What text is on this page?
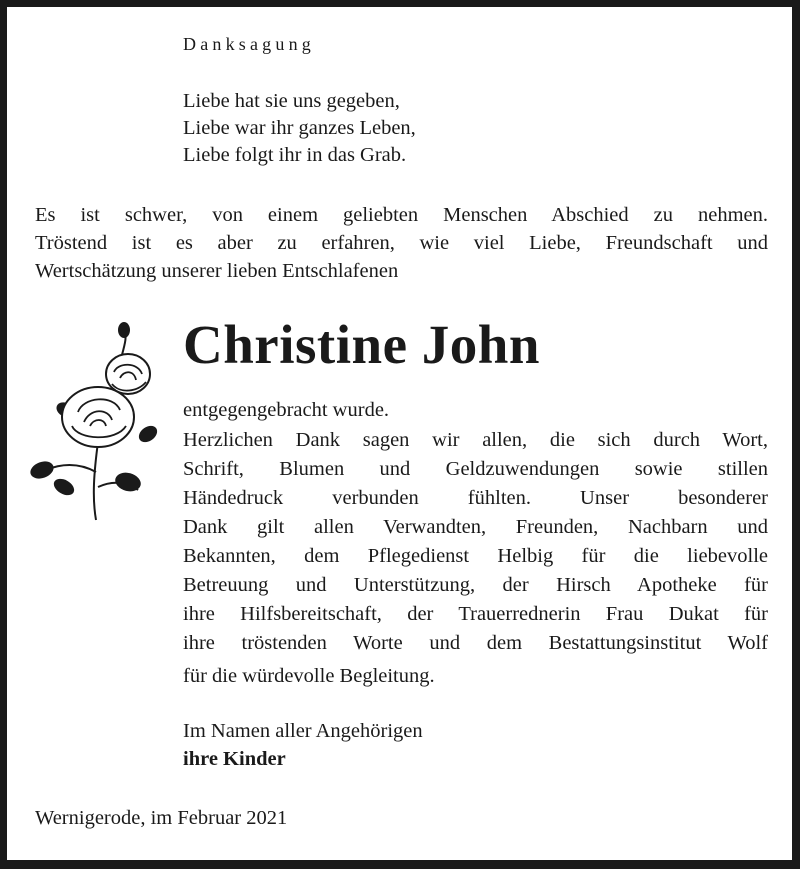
Danksagung
Liebe hat sie uns gegeben,
Liebe war ihr ganzes Leben,
Liebe folgt ihr in das Grab.
Es ist schwer, von einem geliebten Menschen Abschied zu nehmen.
Tröstend ist es aber zu erfahren, wie viel Liebe, Freundschaft und
Wertschätzung unserer lieben Entschlafenen
Christine John
entgegengebracht wurde.
Herzlichen Dank sagen wir allen, die sich durch Wort,
Schrift, Blumen und Geldzuwendungen sowie stillen
Händedruck verbunden fühlten. Unser besonderer
Dank gilt allen Verwandten, Freunden, Nachbarn und
Bekannten, dem Pflegedienst Helbig für die liebevolle
Betreuung und Unterstützung, der Hirsch Apotheke für
ihre Hilfsbereitschaft, der Trauerrednerin Frau Dukat für
ihre tröstenden Worte und dem Bestattungsinstitut Wolf
für die würdevolle Begleitung.
Im Namen aller Angehörigen
ihre Kinder
Wernigerode, im Februar 2021
